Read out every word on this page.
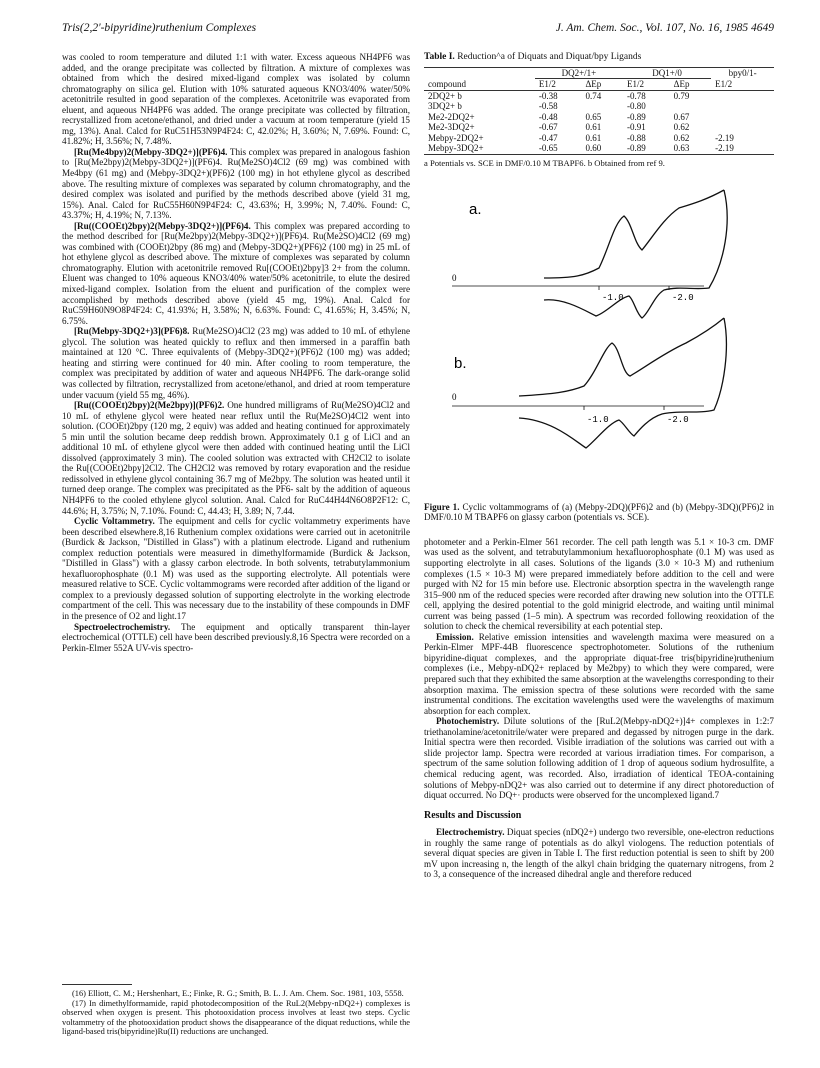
Tris(2,2'-bipyridine)ruthenium Complexes	J. Am. Chem. Soc., Vol. 107, No. 16, 1985 4649

was cooled to room temperature and diluted 1:1 with water. Excess aqueous NH4PF6 was added, and the orange precipitate was collected by filtration. A mixture of complexes was obtained from which the desired mixed-ligand complex was isolated by column chromatography on silica gel. Elution with 10% saturated aqueous KNO3/40% water/50% acetonitrile resulted in good separation of the complexes. Acetonitrile was evaporated from eluent, and aqueous NH4PF6 was added. The orange precipitate was collected by filtration, recrystallized from acetone/ethanol, and dried under a vacuum at room temperature (yield 15 mg, 13%). Anal. Calcd for RuC51H53N9P4F24: C, 42.02%; H, 3.60%; N, 7.69%. Found: C, 41.82%; H, 3.56%; N, 7.48%.

[Ru(Me4bpy)2(Mebpy-3DQ2+)](PF6)4. This complex was prepared in analogous fashion to [Ru(Me2bpy)2(Mebpy-3DQ2+)](PF6)4. Ru(Me2SO)4Cl2 (69 mg) was combined with Me4bpy (61 mg) and (Mebpy-3DQ2+)(PF6)2 (100 mg) in hot ethylene glycol as described above. The resulting mixture of complexes was separated by column chromatography, and the desired complex was isolated and purified by the methods described above (yield 31 mg, 15%). Anal. Calcd for RuC55H60N9P4F24: C, 43.63%; H, 3.99%; N, 7.40%. Found: C, 43.37%; H, 4.19%; N, 7.13%.

[Ru((COOEt)2bpy)2(Mebpy-3DQ2+)](PF6)4. This complex was prepared according to the method described for [Ru(Me2bpy)2(Mebpy-3DQ2+)](PF6)4. Ru(Me2SO)4Cl2 (69 mg) was combined with (COOEt)2bpy (86 mg) and (Mebpy-3DQ2+)(PF6)2 (100 mg) in 25 mL of hot ethylene glycol as described above. The mixture of complexes was separated by column chromatography. Elution with acetonitrile removed Ru[(COOEt)2bpy]3 2+ from the column. Eluent was changed to 10% aqueous KNO3/40% water/50% acetonitrile, to elute the desired mixed-ligand complex. Isolation from the eluent and purification of the complex were accomplished by methods described above (yield 45 mg, 19%). Anal. Calcd for RuC59H60N9O8P4F24: C, 41.93%; H, 3.58%; N, 6.63%. Found: C, 41.65%; H, 3.45%; N, 6.75%.

[Ru(Mebpy-3DQ2+)3](PF6)8. Ru(Me2SO)4Cl2 (23 mg) was added to 10 mL of ethylene glycol. The solution was heated quickly to reflux and then immersed in a paraffin bath maintained at 120 °C. Three equivalents of (Mebpy-3DQ2+)(PF6)2 (100 mg) was added; heating and stirring were continued for 40 min. After cooling to room temperature, the complex was precipitated by addition of water and aqueous NH4PF6. The dark-orange solid was collected by filtration, recrystallized from acetone/ethanol, and dried at room temperature under vacuum (yield 55 mg, 46%).

[Ru((COOEt)2bpy)2(Me2bpy)](PF6)2. One hundred milligrams of Ru(Me2SO)4Cl2 and 10 mL of ethylene glycol were heated near reflux until the Ru(Me2SO)4Cl2 went into solution. (COOEt)2bpy (120 mg, 2 equiv) was added and heating continued for approximately 5 min until the solution became deep reddish brown. Approximately 0.1 g of LiCl and an additional 10 mL of ethylene glycol were then added with continued heating until the LiCl dissolved (approximately 3 min). The cooled solution was extracted with CH2Cl2 to isolate the Ru[(COOEt)2bpy]2Cl2. The CH2Cl2 was removed by rotary evaporation and the residue redissolved in ethylene glycol containing 36.7 mg of Me2bpy. The solution was heated until it turned deep orange. The complex was precipitated as the PF6- salt by the addition of aqueous NH4PF6 to the cooled ethylene glycol solution. Anal. Calcd for RuC44H44N6O8P2F12: C, 44.6%; H, 3.75%; N, 7.10%. Found: C, 44.43; H, 3.89; N, 7.44.

Cyclic Voltammetry. The equipment and cells for cyclic voltammetry experiments have been described elsewhere.8,16 Ruthenium complex oxidations were carried out in acetonitrile (Burdick & Jackson, "Distilled in Glass") with a platinum electrode. Ligand and ruthenium complex reduction potentials were measured in dimethylformamide (Burdick & Jackson, "Distilled in Glass") with a glassy carbon electrode. In both solvents, tetrabutylammonium hexafluorophosphate (0.1 M) was used as the supporting electrolyte. All potentials were measured relative to SCE. Cyclic voltammograms were recorded after addition of the ligand or complex to a previously degassed solution of supporting electrolyte in the working electrode compartment of the cell. This was necessary due to the instability of these compounds in DMF in the presence of O2 and light.17

Spectroelectrochemistry. The equipment and optically transparent thin-layer electrochemical (OTTLE) cell have been described previously.8,16 Spectra were recorded on a Perkin-Elmer 552A UV-vis spectro-

(16) Elliott, C. M.; Hershenhart, E.; Finke, R. G.; Smith, B. L. J. Am. Chem. Soc. 1981, 103, 5558.

(17) In dimethylformamide, rapid photodecomposition of the RuL2(Mebpy-nDQ2+) complexes is observed when oxygen is present. This photooxidation process involves at least two steps. Cyclic voltammetry of the photooxidation product shows the disappearance of the diquat reductions, while the ligand-based tris(bipyridine)Ru(II) reductions are unchanged.

Table I. Reduction^a of Diquats and Diquat/bpy Ligands
	DQ2+/1+		DQ1+/0		bpy0/1-
compound	E1/2	ΔEp	E1/2	ΔEp	E1/2
2DQ2+ b	-0.38	0.74	-0.78	0.79	
3DQ2+ b	-0.58		-0.80		
Me2-2DQ2+	-0.48	0.65	-0.89	0.67	
Me2-3DQ2+	-0.67	0.61	-0.91	0.62	
Mebpy-2DQ2+	-0.47	0.61	-0.88	0.62	-2.19
Mebpy-3DQ2+	-0.65	0.60	-0.89	0.63	-2.19
a Potentials vs. SCE in DMF/0.10 M TBAPF6. b Obtained from ref 9.
a.
0
-1.0	-2.0
b.
0
-1.0	-2.0
Figure 1. Cyclic voltammograms of (a) (Mebpy-2DQ)(PF6)2 and (b) (Mebpy-3DQ)(PF6)2 in DMF/0.10 M TBAPF6 on glassy carbon (potentials vs. SCE).

photometer and a Perkin-Elmer 561 recorder. The cell path length was 5.1 × 10-3 cm. DMF was used as the solvent, and tetrabutylammonium hexafluorophosphate (0.1 M) was used as supporting electrolyte in all cases. Solutions of the ligands (3.0 × 10-3 M) and ruthenium complexes (1.5 × 10-3 M) were prepared immediately before addition to the cell and were purged with N2 for 15 min before use. Electronic absorption spectra in the wavelength range 315–900 nm of the reduced species were recorded after drawing new solution into the OTTLE cell, applying the desired potential to the gold minigrid electrode, and waiting until minimal current was being passed (1–5 min). A spectrum was recorded following reoxidation of the solution to check the chemical reversibility at each potential step.

Emission. Relative emission intensities and wavelength maxima were measured on a Perkin-Elmer MPF-44B fluorescence spectrophotometer. Solutions of the ruthenium bipyridine-diquat complexes, and the appropriate diquat-free tris(bipyridine)ruthenium complexes (i.e., Mebpy-nDQ2+ replaced by Me2bpy) to which they were compared, were prepared such that they exhibited the same absorption at the wavelengths corresponding to their absorption maxima. The emission spectra of these solutions were recorded with the same instrumental conditions. The excitation wavelengths used were the wavelengths of maximum absorption for each complex.

Photochemistry. Dilute solutions of the [RuL2(Mebpy-nDQ2+)]4+ complexes in 1:2:7 triethanolamine/acetonitrile/water were prepared and degassed by nitrogen purge in the dark. Initial spectra were then recorded. Visible irradiation of the solutions was carried out with a slide projector lamp. Spectra were recorded at various irradiation times. For comparison, a spectrum of the same solution following addition of 1 drop of aqueous sodium hydrosulfite, a chemical reducing agent, was recorded. Also, irradiation of identical TEOA-containing solutions of Mebpy-nDQ2+ was also carried out to determine if any direct photoreduction of diquat occurred. No DQ+· products were observed for the uncomplexed ligand.7

Results and Discussion

Electrochemistry. Diquat species (nDQ2+) undergo two reversible, one-electron reductions in roughly the same range of potentials as do alkyl viologens. The reduction potentials of several diquat species are given in Table I. The first reduction potential is seen to shift by 200 mV upon increasing n, the length of the alkyl chain bridging the quaternary nitrogens, from 2 to 3, a consequence of the increased dihedral angle and therefore reduced
